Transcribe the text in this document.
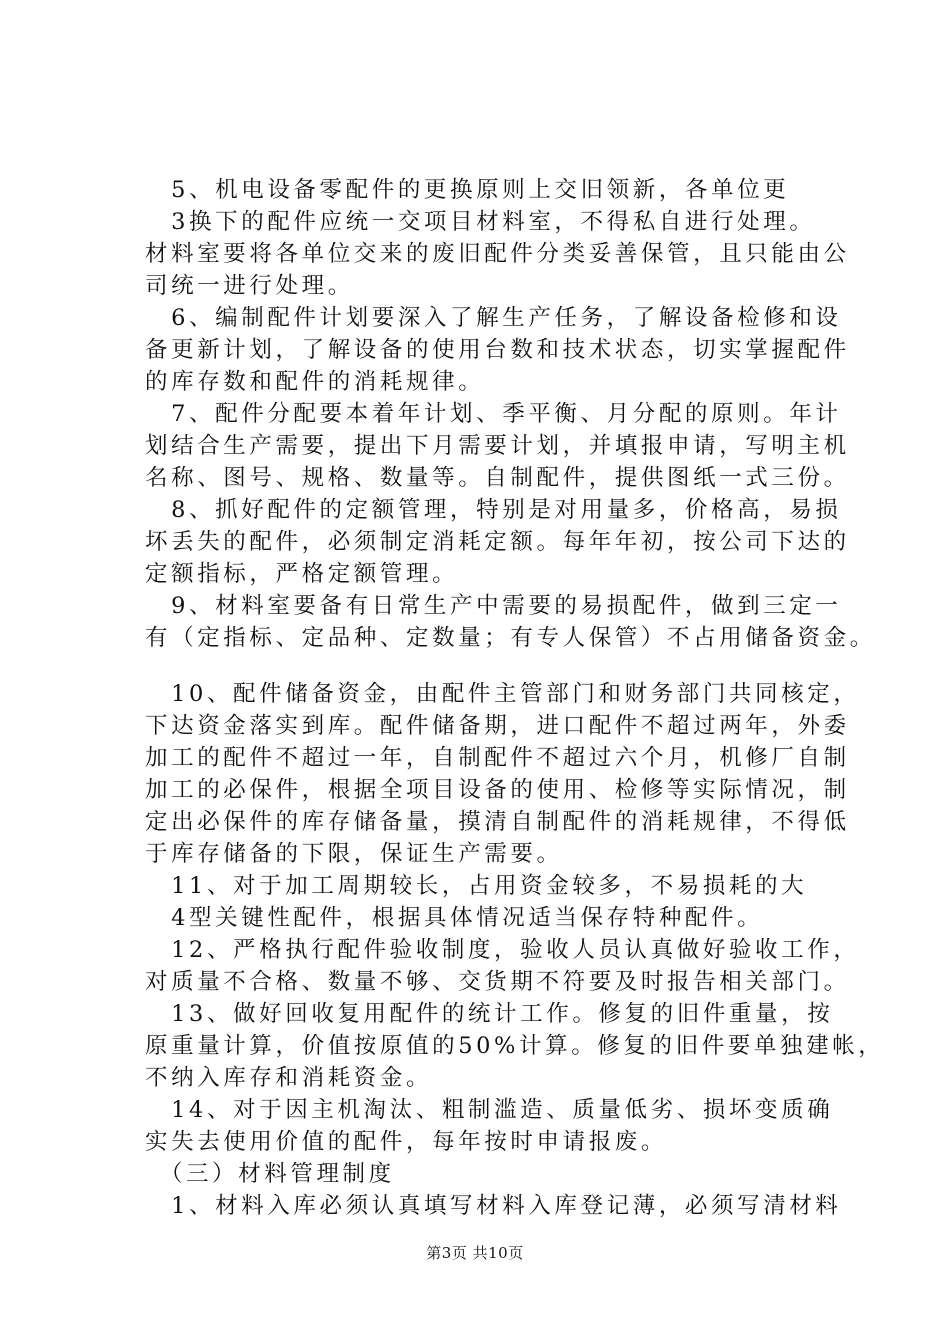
　5、机电设备零配件的更换原则上交旧领新，各单位更
　3换下的配件应统一交项目材料室，不得私自进行处理。
材料室要将各单位交来的废旧配件分类妥善保管，且只能由公
司统一进行处理。
　6、编制配件计划要深入了解生产任务，了解设备检修和设
备更新计划，了解设备的使用台数和技术状态，切实掌握配件
的库存数和配件的消耗规律。
　7、配件分配要本着年计划、季平衡、月分配的原则。年计
划结合生产需要，提出下月需要计划，并填报申请，写明主机
名称、图号、规格、数量等。自制配件，提供图纸一式三份。
　8、抓好配件的定额管理，特别是对用量多，价格高，易损
坏丢失的配件，必须制定消耗定额。每年年初，按公司下达的
定额指标，严格定额管理。
　9、材料室要备有日常生产中需要的易损配件，做到三定一
有（定指标、定品种、定数量；有专人保管）不占用储备资金。
　10、配件储备资金，由配件主管部门和财务部门共同核定，
下达资金落实到库。配件储备期，进口配件不超过两年，外委
加工的配件不超过一年，自制配件不超过六个月，机修厂自制
加工的必保件，根据全项目设备的使用、检修等实际情况，制
定出必保件的库存储备量，摸清自制配件的消耗规律，不得低
于库存储备的下限，保证生产需要。
　11、对于加工周期较长，占用资金较多，不易损耗的大
　4型关键性配件，根据具体情况适当保存特种配件。
　12、严格执行配件验收制度，验收人员认真做好验收工作，
对质量不合格、数量不够、交货期不符要及时报告相关部门。
　13、做好回收复用配件的统计工作。修复的旧件重量，按
原重量计算，价值按原值的50%计算。修复的旧件要单独建帐，
不纳入库存和消耗资金。
　14、对于因主机淘汰、粗制滥造、质量低劣、损坏变质确
实失去使用价值的配件，每年按时申请报废。
　（三）材料管理制度
　1、材料入库必须认真填写材料入库登记薄，必须写清材料
第3页 共10页
